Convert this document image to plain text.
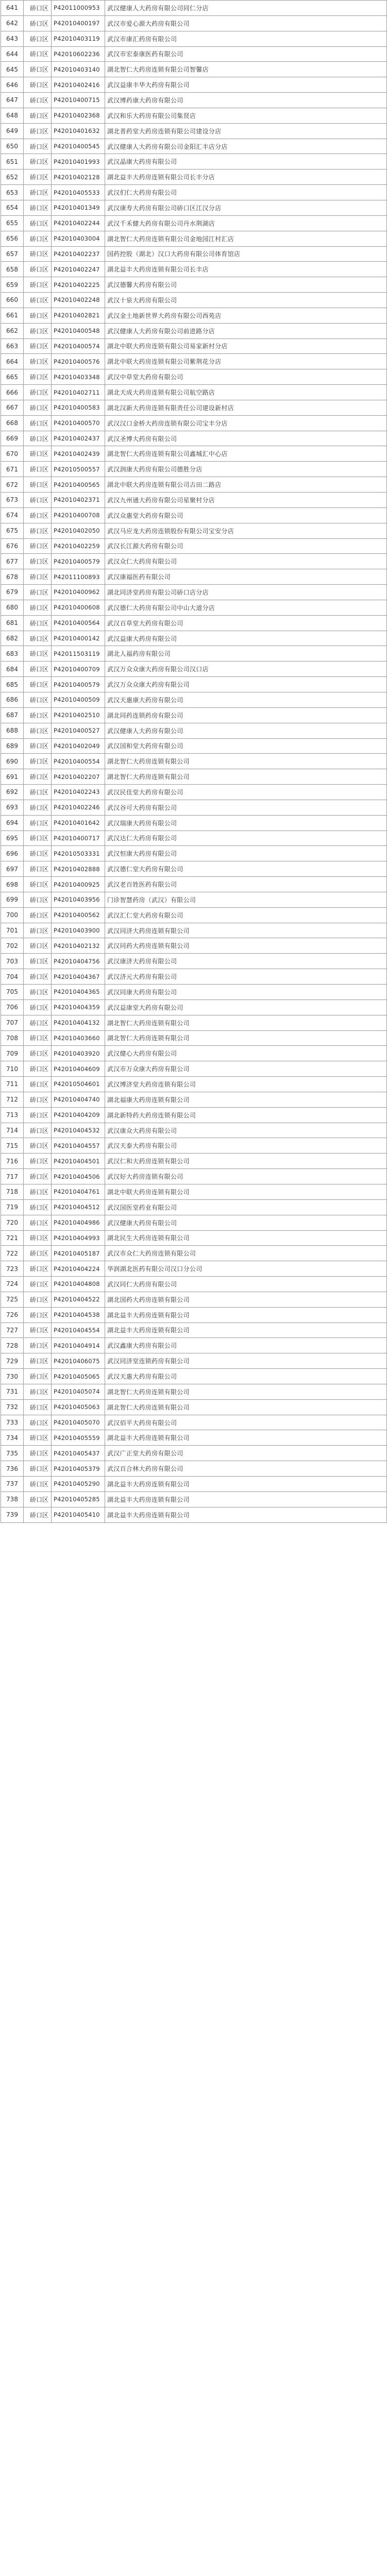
641	硚口区	P42011000953	武汉健康人大药房有限公司同仁分店
642	硚口区	P42010400197	武汉市爱心源大药房有限公司
643	硚口区	P42010403119	武汉市康汇药房有限公司
644	硚口区	P42010602236	武汉市宏泰康医药有限公司
645	硚口区	P42010403140	湖北智仁大药房连锁有限公司智馨店
646	硚口区	P42010402416	武汉益康丰华大药房有限公司
647	硚口区	P42010400715	武汉博药康大药房有限公司
648	硚口区	P42010402368	武汉和乐大药房有限公司集贤店
649	硚口区	P42010401632	湖北普药堂大药房连锁有限公司建设分店
650	硚口区	P42010400545	武汉健康人大药房有限公司金阳汇丰店分店
651	硚口区	P42010401993	武汉晶康大药房有限公司
652	硚口区	P42010402128	湖北益丰大药房连锁有限公司长丰分店
653	硚口区	P42010405533	武汉们仁大药房有限公司
654	硚口区	P42010401349	武汉康寿大药房有限公司硚口区江汉分店
655	硚口区	P42010402244	武汉千禾健大药房有限公司丹水荆湖店
656	硚口区	P42010403004	湖北智仁大药房连锁有限公司金地园江村汇店
657	硚口区	P42010402237	国药控股（湖北）汉口大药房有限公司体育馆店
658	硚口区	P42010402247	湖北益丰大药房连锁有限公司长丰店
659	硚口区	P42010402225	武汉德馨大药房有限公司
660	硚口区	P42010402248	武汉十泉大药房有限公司
661	硚口区	P42010402821	武汉金土地新世界大药房有限公司西苑店
662	硚口区	P42010400548	武汉健康人大药房有限公司前进路分店
663	硚口区	P42010400574	湖北中联大药房连锁有限公司易家新村分店
664	硚口区	P42010400576	湖北中联大药房连锁有限公司紫荆花分店
665	硚口区	P42010403348	武汉中草堂大药房有限公司
666	硚口区	P42010402711	湖北天成大药房连锁有限公司航空路店
667	硚口区	P42010400583	湖北汉新大药房连锁有限责任公司建设新村店
668	硚口区	P42010400570	武汉汉口金桥大药房连锁有限公司宝丰分店
669	硚口区	P42010402437	武汉圣博大药房有限公司
670	硚口区	P42010402439	湖北智仁大药房连锁有限公司鑫城汇中心店
671	硚口区	P42010500557	武汉润康大药房有限公司德胜分店
672	硚口区	P42010400565	湖北中联大药房连锁有限公司古田二路店
673	硚口区	P42010402371	武汉九州通大药房有限公司星聚村分店
674	硚口区	P42010400708	武汉众惠堂大药房有限公司
675	硚口区	P42010402050	武汉马应龙大药房连锁股份有限公司宝安分店
676	硚口区	P42010402259	武汉长江源大药房有限公司
677	硚口区	P42010400579	武汉众仁大药房有限公司
678	硚口区	P42011100893	武汉康福医药有限公司
679	硚口区	P42010400962	湖北同济堂药房有限公司硚口店分店
680	硚口区	P42010400608	武汉德仁大药房有限公司中山大道分店
681	硚口区	P42010400564	武汉百草堂大药房有限公司
682	硚口区	P42010400142	武汉益康大药房有限公司
683	硚口区	P42011503119	湖北人福药房有限公司
684	硚口区	P42010400709	武汉万众众康大药房有限公司汉口店
685	硚口区	P42010400579	武汉万众众康大药房有限公司
686	硚口区	P42010400509	武汉天惠康大药房有限公司
687	硚口区	P42010402510	湖北同药连锁药房有限公司
688	硚口区	P42010400527	武汉健康人大药房有限公司
689	硚口区	P42010402049	武汉国和堂大药房有限公司
690	硚口区	P42010400554	湖北智仁大药房连锁有限公司
691	硚口区	P42010402207	湖北智仁大药房连锁有限公司
692	硚口区	P42010402243	武汉民佳堂大药房有限公司
693	硚口区	P42010402246	武汉谷可大药房有限公司
694	硚口区	P42010401642	武汉瑞康大药房有限公司
695	硚口区	P42010400717	武汉达仁大药房有限公司
696	硚口区	P42010503331	武汉恒康大药房有限公司
697	硚口区	P42010402888	武汉德仁堂大药房有限公司
698	硚口区	P42010400925	武汉老百姓医药有限公司
699	硚口区	P42010403956	门诊智慧药房（武汉）有限公司
700	硚口区	P42010400562	武汉汇仁堂大药房有限公司
701	硚口区	P42010403900	武汉同济大药房连锁有限公司
702	硚口区	P42010402132	武汉同药大药房连锁有限公司
703	硚口区	P42010404756	武汉康济大药房有限公司
704	硚口区	P42010404367	武汉济元大药房有限公司
705	硚口区	P42010404365	武汉同康大药房有限公司
706	硚口区	P42010404359	武汉益康堂大药房有限公司
707	硚口区	P42010404132	湖北智仁大药房连锁有限公司
708	硚口区	P42010403660	湖北智仁大药房连锁有限公司
709	硚口区	P42010403920	武汉健心大药房有限公司
710	硚口区	P42010404609	武汉市万众康大药房有限公司
711	硚口区	P42010504601	武汉博济堂大药房连锁有限公司
712	硚口区	P42010404740	湖北福康大药房连锁有限公司
713	硚口区	P42010404209	湖北新特药大药房连锁有限公司
714	硚口区	P42010404532	武汉康众大药房有限公司
715	硚口区	P42010404557	武汉天泰大药房有限公司
716	硚口区	P42010404501	武汉仁和大药房连锁有限公司
717	硚口区	P42010404506	武汉好大药房连锁有限公司
718	硚口区	P42010404761	湖北中联大药房连锁有限公司
719	硚口区	P42010404512	武汉国医堂药业有限公司
720	硚口区	P42010404986	武汉健康大药房有限公司
721	硚口区	P42010404993	湖北民生大药房连锁有限公司
722	硚口区	P42010405187	武汉市众仁大药房连锁有限公司
723	硚口区	P42010404224	华润湖北医药有限公司汉口分公司
724	硚口区	P42010404808	武汉同仁大药房有限公司
725	硚口区	P42010404522	湖北国药大药房连锁有限公司
726	硚口区	P42010404538	湖北益丰大药房连锁有限公司
727	硚口区	P42010404554	湖北益丰大药房连锁有限公司
728	硚口区	P42010404914	武汉鑫康大药房有限公司
729	硚口区	P42010406075	武汉同济堂连锁药房有限公司
730	硚口区	P42010405065	武汉天惠大药房有限公司
731	硚口区	P42010405074	湖北智仁大药房连锁有限公司
732	硚口区	P42010405063	湖北智仁大药房连锁有限公司
733	硚口区	P42010405070	武汉佰平大药房有限公司
734	硚口区	P42010405559	湖北益丰大药房连锁有限公司
735	硚口区	P42010405437	武汉广正堂大药房有限公司
736	硚口区	P42010405379	武汉百合林大药房有限公司
737	硚口区	P42010405290	湖北益丰大药房连锁有限公司
738	硚口区	P42010405285	湖北益丰大药房连锁有限公司
739	硚口区	P42010405410	湖北益丰大药房连锁有限公司
